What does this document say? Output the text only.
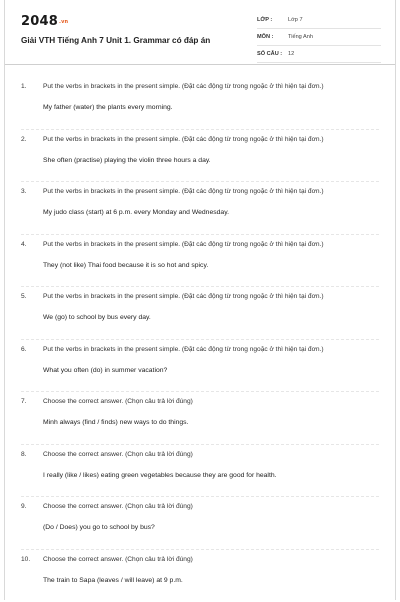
$2048^{.vn}$
Giải VTH Tiếng Anh 7 Unit 1. Grammar có đáp án
LỚP :	Lớp 7
MÔN :	Tiếng Anh
SỐ CÂU :	12
1.	Put the verbs in brackets in the present simple. (Đặt các động từ trong ngoặc ở thì hiện tại đơn.)
My father (water) the plants every morning.
2.	Put the verbs in brackets in the present simple. (Đặt các động từ trong ngoặc ở thì hiện tại đơn.)
She often (practise) playing the violin three hours a day.
3.	Put the verbs in brackets in the present simple. (Đặt các động từ trong ngoặc ở thì hiện tại đơn.)
My judo class (start) at 6 p.m. every Monday and Wednesday.
4.	Put the verbs in brackets in the present simple. (Đặt các động từ trong ngoặc ở thì hiện tại đơn.)
They (not like) Thai food because it is so hot and spicy.
5.	Put the verbs in brackets in the present simple. (Đặt các động từ trong ngoặc ở thì hiện tại đơn.)
We (go) to school by bus every day.
6.	Put the verbs in brackets in the present simple. (Đặt các động từ trong ngoặc ở thì hiện tại đơn.)
What you often (do) in summer vacation?
7.	Choose the correct answer. (Chọn câu trả lời đúng)
Minh always (find / finds) new ways to do things.
8.	Choose the correct answer. (Chọn câu trả lời đúng)
I really (like / likes) eating green vegetables because they are good for health.
9.	Choose the correct answer. (Chọn câu trả lời đúng)
(Do / Does) you go to school by bus?
10. Choose the correct answer. (Chọn câu trả lời đúng)
The train to Sapa (leaves / will leave) at 9 p.m.
